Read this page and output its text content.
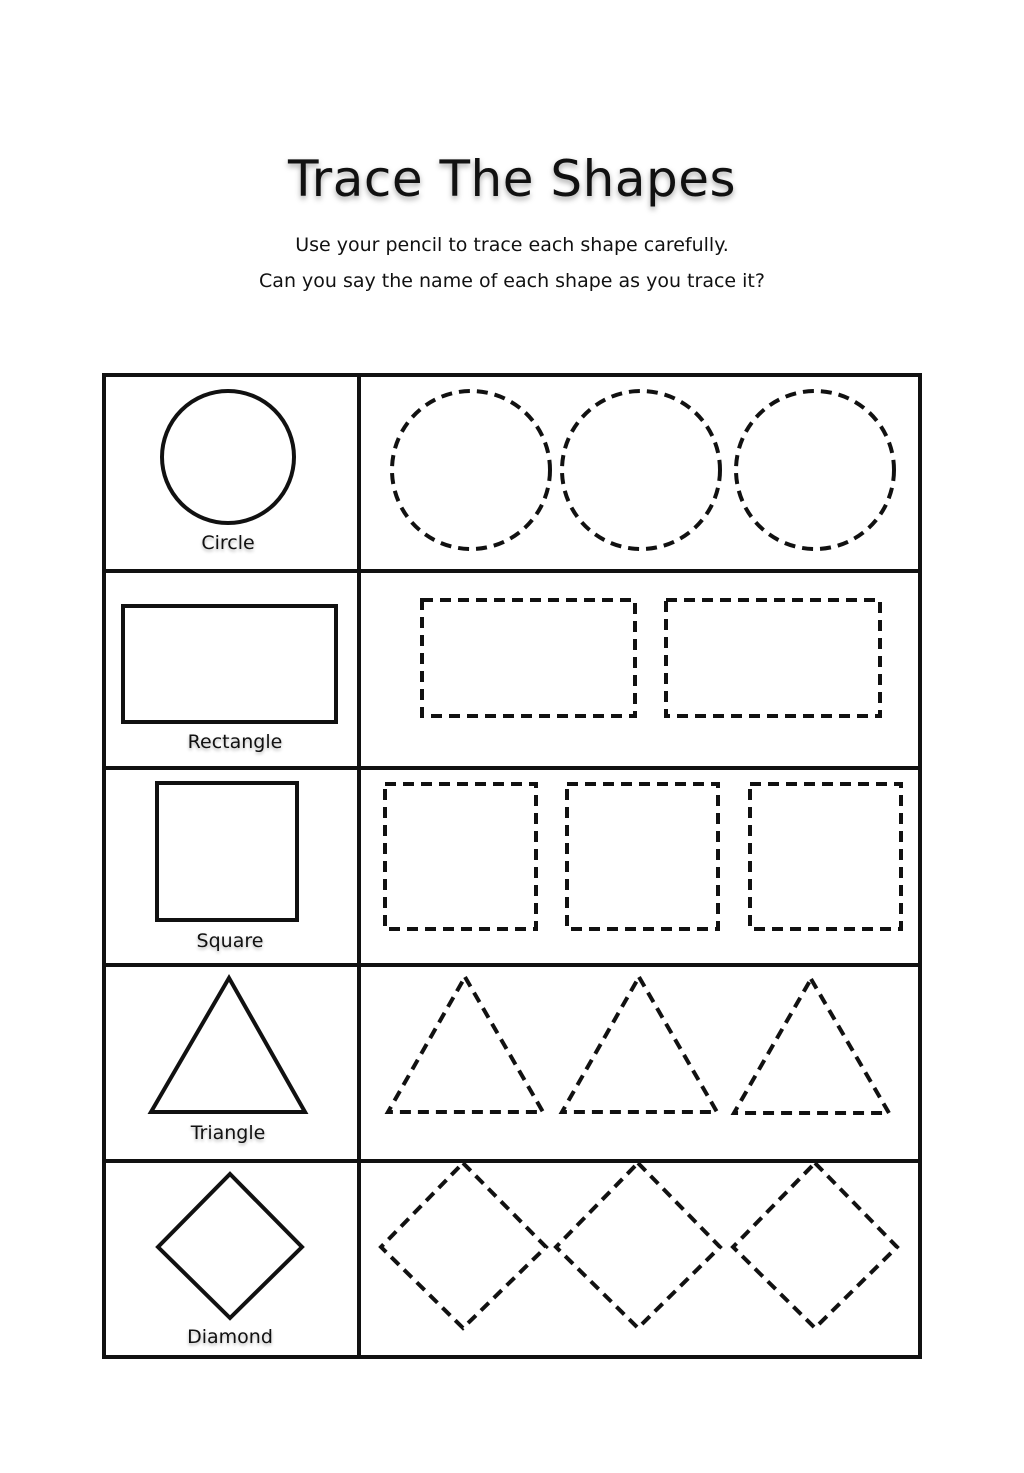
Trace The Shapes

Use your pencil to trace each shape carefully.

Can you say the name of each shape as you trace it?

Circle
Rectangle
Square
Triangle
Diamond
